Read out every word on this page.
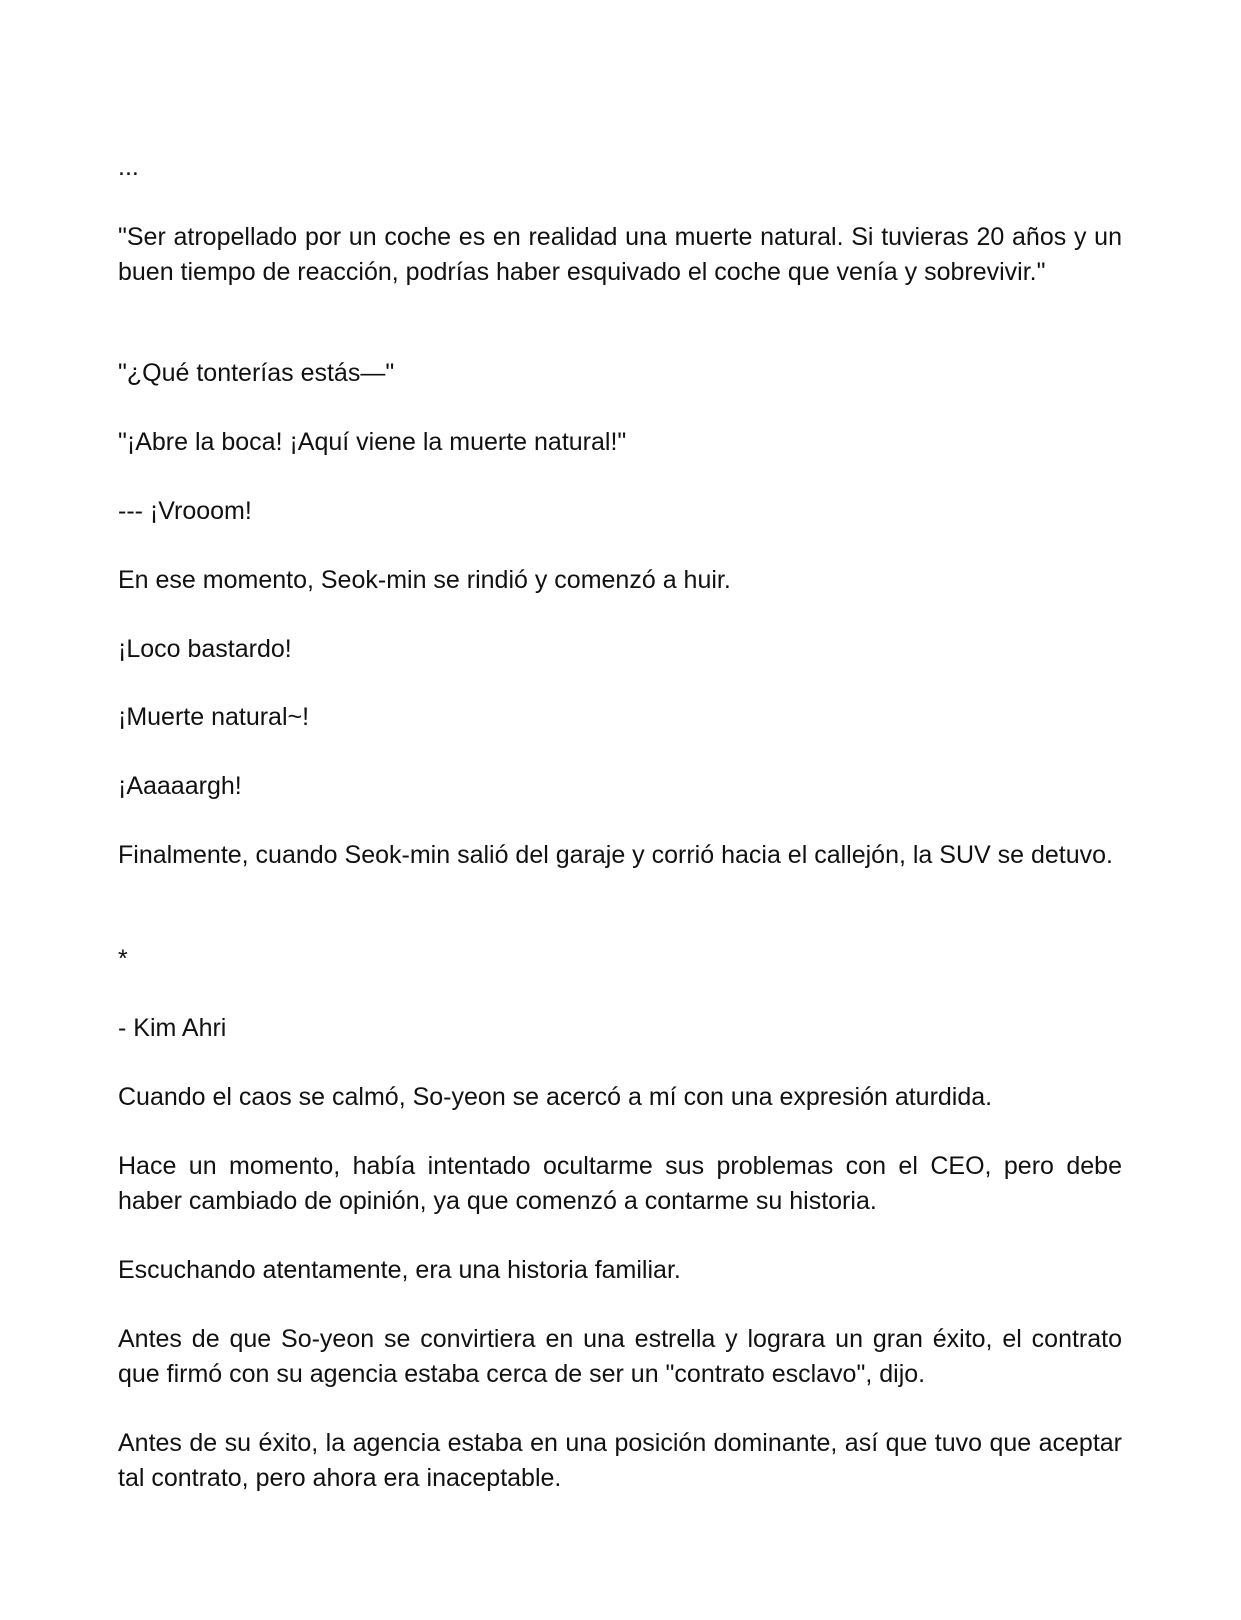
...

"Ser atropellado por un coche es en realidad una muerte natural. Si tuvieras 20 años y un buen tiempo de reacción, podrías haber esquivado el coche que venía y sobrevivir."

"¿Qué tonterías estás—"

"¡Abre la boca! ¡Aquí viene la muerte natural!"

--- ¡Vrooom!

En ese momento, Seok-min se rindió y comenzó a huir.

¡Loco bastardo!

¡Muerte natural~!

¡Aaaaargh!

Finalmente, cuando Seok-min salió del garaje y corrió hacia el callejón, la SUV se detuvo.

*

- Kim Ahri

Cuando el caos se calmó, So-yeon se acercó a mí con una expresión aturdida.

Hace un momento, había intentado ocultarme sus problemas con el CEO, pero debe haber cambiado de opinión, ya que comenzó a contarme su historia.

Escuchando atentamente, era una historia familiar.

Antes de que So-yeon se convirtiera en una estrella y lograra un gran éxito, el contrato que firmó con su agencia estaba cerca de ser un "contrato esclavo", dijo.

Antes de su éxito, la agencia estaba en una posición dominante, así que tuvo que aceptar tal contrato, pero ahora era inaceptable.
